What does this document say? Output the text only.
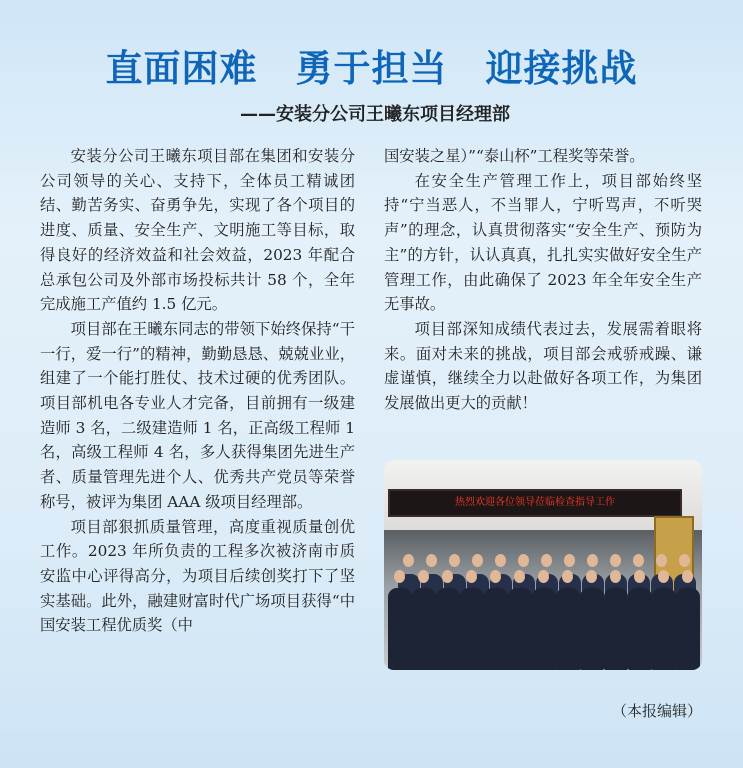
直面困难　勇于担当　迎接挑战
——安装分公司王曦东项目经理部

安装分公司王曦东项目部在集团和安装分公司领导的关心、支持下，全体员工精诚团结、勤苦务实、奋勇争先，实现了各个项目的进度、质量、安全生产、文明施工等目标，取得良好的经济效益和社会效益，2023 年配合总承包公司及外部市场投标共计 58 个，全年完成施工产值约 1.5 亿元。

项目部在王曦东同志的带领下始终保持“干一行，爱一行”的精神，勤勤恳恳、兢兢业业，组建了一个能打胜仗、技术过硬的优秀团队。项目部机电各专业人才完备，目前拥有一级建造师 3 名，二级建造师 1 名，正高级工程师 1 名，高级工程师 4 名，多人获得集团先进生产者、质量管理先进个人、优秀共产党员等荣誉称号，被评为集团 AAA 级项目经理部。

项目部狠抓质量管理，高度重视质量创优工作。2023 年所负责的工程多次被济南市质安监中心评得高分，为项目后续创奖打下了坚实基础。此外，融建财富时代广场项目获得“中国安装工程优质奖（中

国安装之星）”“泰山杯”工程奖等荣誉。

在安全生产管理工作上，项目部始终坚持“宁当恶人，不当罪人，宁听骂声，不听哭声”的理念，认真贯彻落实“安全生产、预防为主”的方针，认认真真，扎扎实实做好安全生产管理工作，由此确保了 2023 年全年安全生产无事故。

项目部深知成绩代表过去，发展需着眼将来。面对未来的挑战，项目部会戒骄戒躁、谦虚谨慎，继续全力以赴做好各项工作，为集团发展做出更大的贡献！

热烈欢迎各位领导莅临检查指导工作
（本报编辑）
